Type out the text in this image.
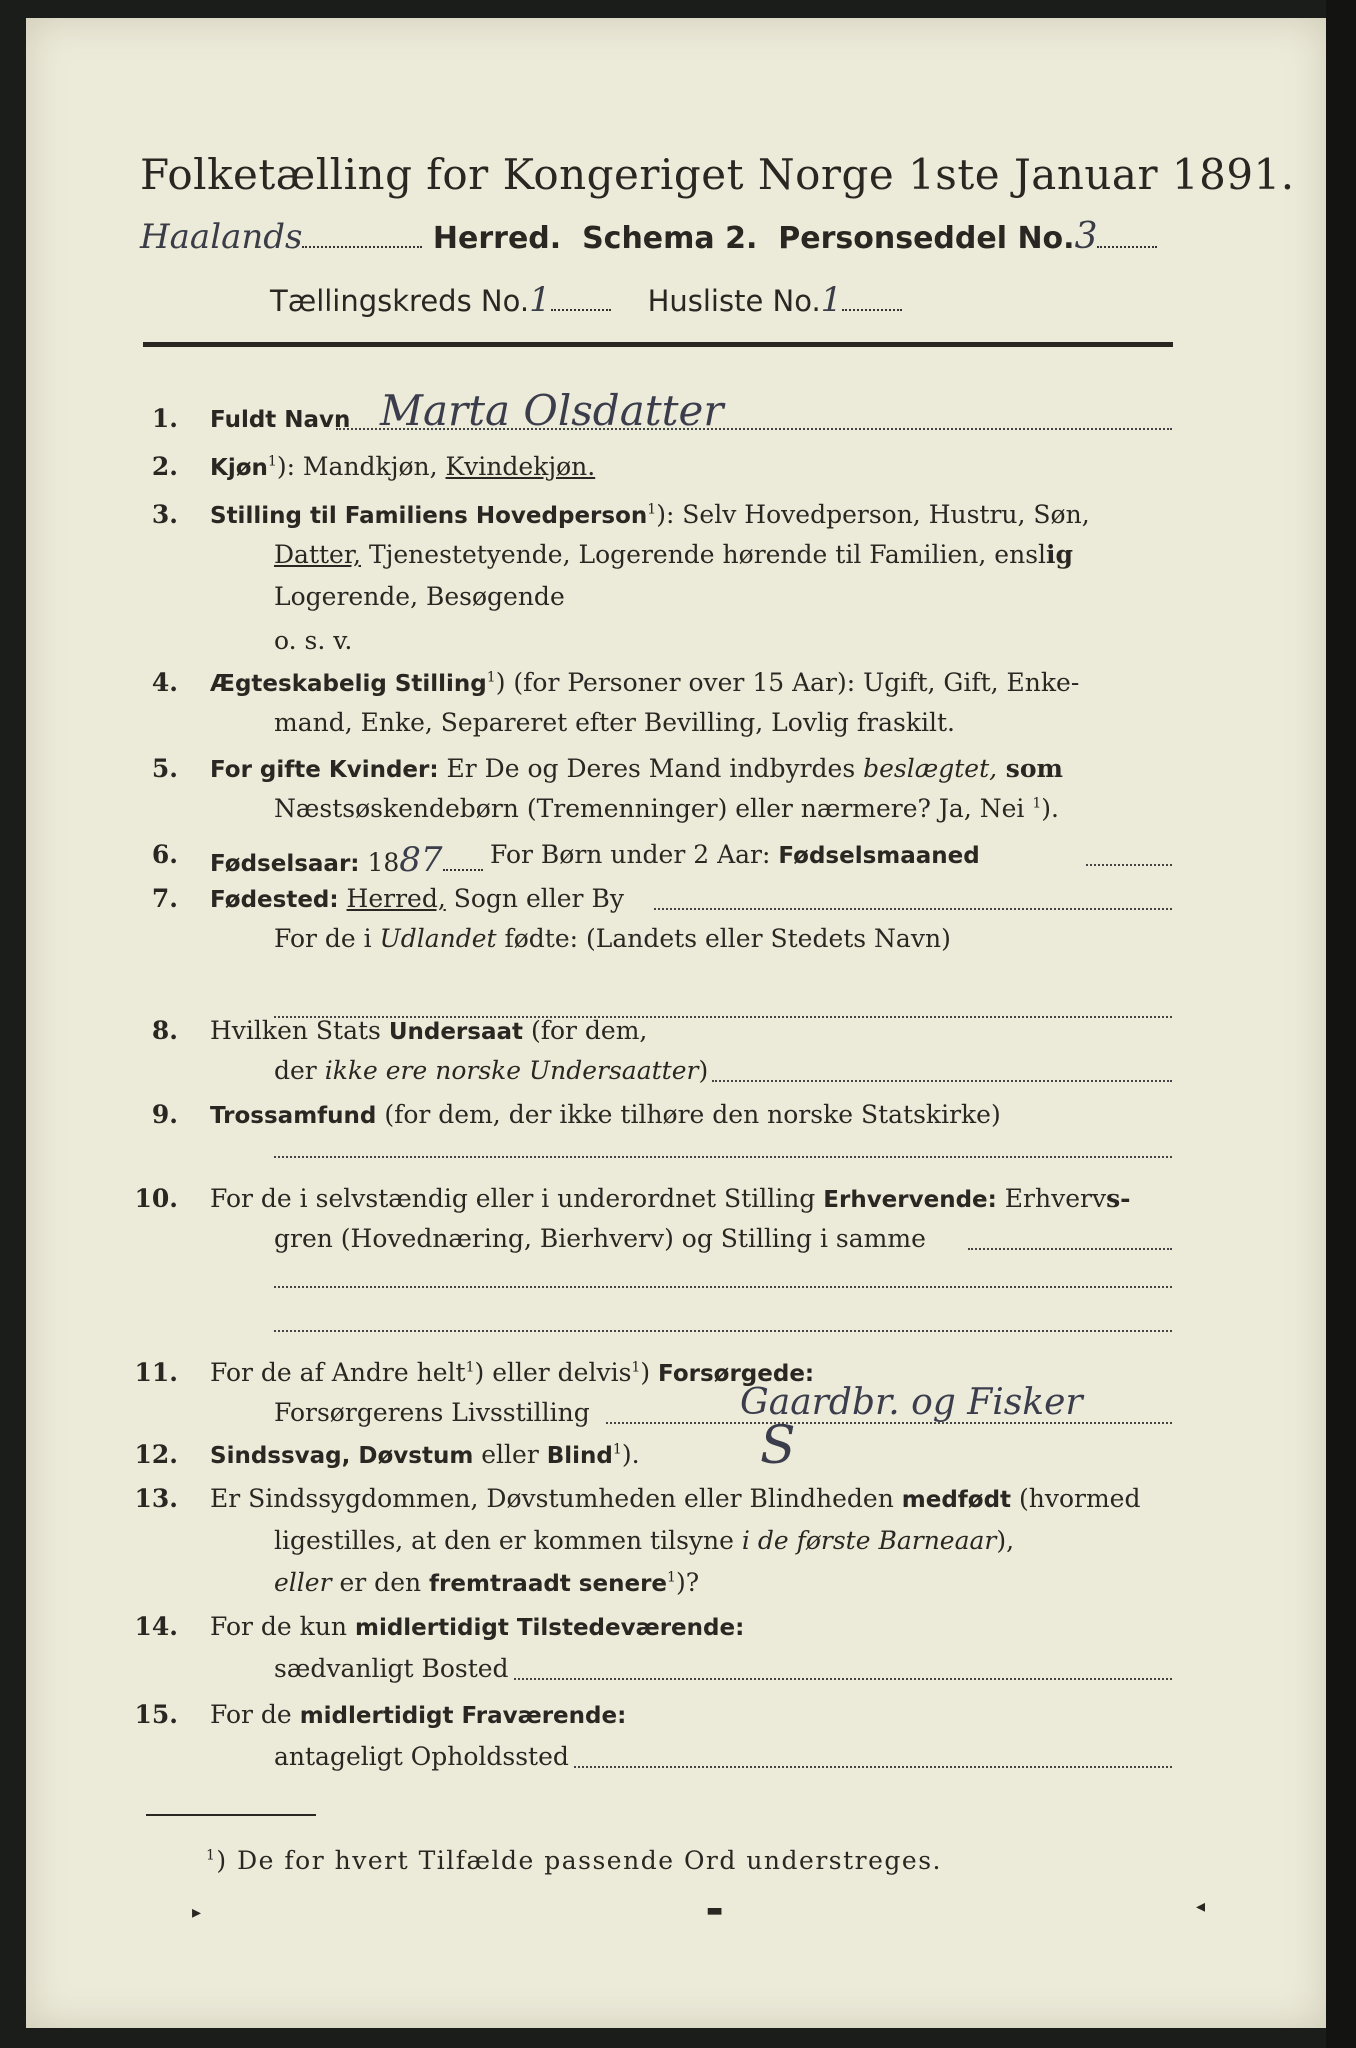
Folketælling for Kongeriget Norge 1ste Januar 1891.
Haalands	Herred. Schema 2. Personseddel No.3
Tællingskreds No.1	Husliste No.1
1. Fuldt Navn Marta Olsdatter
2. Kjøn$^1$): Mandkjøn, Kvindekjøn.
3. Stilling til Familiens Hovedperson$^1$): Selv Hovedperson, Hustru, Søn,
Datter, Tjenestetyende, Logerende hørende til Familien, enslig
Logerende, Besøgende
o. s. v.
4. Ægteskabelig Stilling$^1$) (for Personer over 15 Aar): Ugift, Gift, Enke-
mand, Enke, Separeret efter Bevilling, Lovlig fraskilt.
5. For gifte Kvinder: Er De og Deres Mand indbyrdes beslægtet, som
Næstsøskendebørn (Tremenninger) eller nærmere? Ja, Nei $^1$).
6. Fødselsaar: 1887	For Børn under 2 Aar: Fødselsmaaned
7. Fødested: Herred, Sogn eller By
For de i Udlandet fødte: (Landets eller Stedets Navn)
8. Hvilken Stats Undersaat (for dem,
der ikke ere norske Undersaatter)
9. Trossamfund (for dem, der ikke tilhøre den norske Statskirke)
10. For de i selvstændig eller i underordnet Stilling Erhvervende: Erhvervs-
gren (Hovednæring, Bierhverv) og Stilling i samme
11. For de af Andre helt$^1$) eller delvis$^1$) Forsørgede:
Forsørgerens Livsstilling	Gaardbr. og Fisker
12. Sindssvag, Døvstum eller Blind$^1$). S
13. Er Sindssygdommen, Døvstumheden eller Blindheden medfødt (hvormed
ligestilles, at den er kommen tilsyne i de første Barneaar),
eller er den fremtraadt senere$^1$)?
14. For de kun midlertidigt Tilstedeværende:
sædvanligt Bosted
15. For de midlertidigt Fraværende:
antageligt Opholdssted
$^1$) De for hvert Tilfælde passende Ord understreges.
▸	▬	◂
